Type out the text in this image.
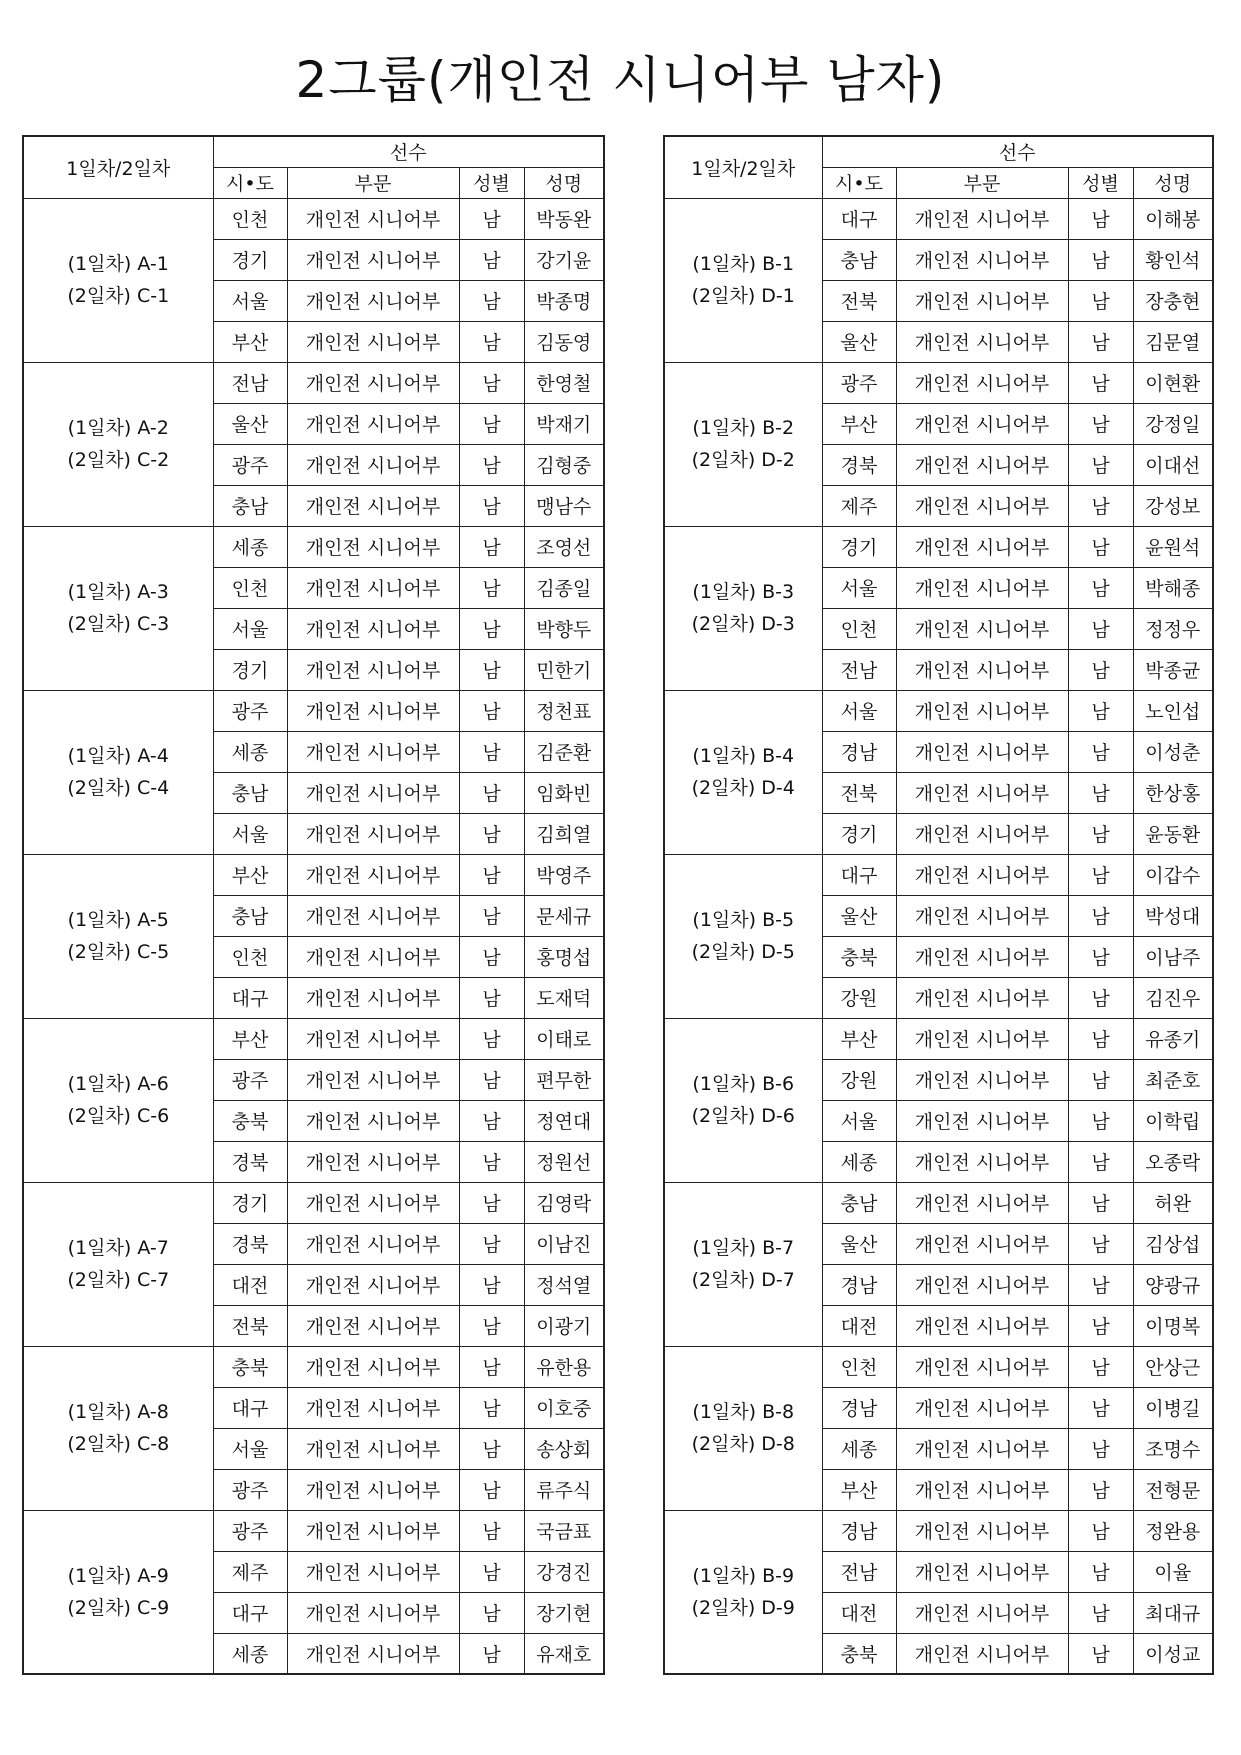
2그룹(개인전 시니어부 남자)
1일차/2일차	선수			
	시•도	부문	성별	성명

(1일차) A-1
(2일차) C-1	인천	개인전 시니어부	남	박동완
	경기	개인전 시니어부	남	강기윤
	서울	개인전 시니어부	남	박종명
	부산	개인전 시니어부	남	김동영

(1일차) A-2
(2일차) C-2	전남	개인전 시니어부	남	한영철
	울산	개인전 시니어부	남	박재기
	광주	개인전 시니어부	남	김형중
	충남	개인전 시니어부	남	맹남수

(1일차) A-3
(2일차) C-3	세종	개인전 시니어부	남	조영선
	인천	개인전 시니어부	남	김종일
	서울	개인전 시니어부	남	박향두
	경기	개인전 시니어부	남	민한기

(1일차) A-4
(2일차) C-4	광주	개인전 시니어부	남	정천표
	세종	개인전 시니어부	남	김준환
	충남	개인전 시니어부	남	임화빈
	서울	개인전 시니어부	남	김희열

(1일차) A-5
(2일차) C-5	부산	개인전 시니어부	남	박영주
	충남	개인전 시니어부	남	문세규
	인천	개인전 시니어부	남	홍명섭
	대구	개인전 시니어부	남	도재덕

(1일차) A-6
(2일차) C-6	부산	개인전 시니어부	남	이태로
	광주	개인전 시니어부	남	편무한
	충북	개인전 시니어부	남	정연대
	경북	개인전 시니어부	남	정원선

(1일차) A-7
(2일차) C-7	경기	개인전 시니어부	남	김영락
	경북	개인전 시니어부	남	이남진
	대전	개인전 시니어부	남	정석열
	전북	개인전 시니어부	남	이광기

(1일차) A-8
(2일차) C-8	충북	개인전 시니어부	남	유한용
	대구	개인전 시니어부	남	이호중
	서울	개인전 시니어부	남	송상회
	광주	개인전 시니어부	남	류주식

(1일차) A-9
(2일차) C-9	광주	개인전 시니어부	남	국금표
	제주	개인전 시니어부	남	강경진
	대구	개인전 시니어부	남	장기현
	세종	개인전 시니어부	남	유재호
1일차/2일차	선수			
	시•도	부문	성별	성명

(1일차) B-1
(2일차) D-1	대구	개인전 시니어부	남	이해봉
	충남	개인전 시니어부	남	황인석
	전북	개인전 시니어부	남	장충현
	울산	개인전 시니어부	남	김문열

(1일차) B-2
(2일차) D-2	광주	개인전 시니어부	남	이현환
	부산	개인전 시니어부	남	강정일
	경북	개인전 시니어부	남	이대선
	제주	개인전 시니어부	남	강성보

(1일차) B-3
(2일차) D-3	경기	개인전 시니어부	남	윤원석
	서울	개인전 시니어부	남	박해종
	인천	개인전 시니어부	남	정정우
	전남	개인전 시니어부	남	박종균

(1일차) B-4
(2일차) D-4	서울	개인전 시니어부	남	노인섭
	경남	개인전 시니어부	남	이성춘
	전북	개인전 시니어부	남	한상홍
	경기	개인전 시니어부	남	윤동환

(1일차) B-5
(2일차) D-5	대구	개인전 시니어부	남	이갑수
	울산	개인전 시니어부	남	박성대
	충북	개인전 시니어부	남	이남주
	강원	개인전 시니어부	남	김진우

(1일차) B-6
(2일차) D-6	부산	개인전 시니어부	남	유종기
	강원	개인전 시니어부	남	최준호
	서울	개인전 시니어부	남	이학립
	세종	개인전 시니어부	남	오종락

(1일차) B-7
(2일차) D-7	충남	개인전 시니어부	남	허완
	울산	개인전 시니어부	남	김상섭
	경남	개인전 시니어부	남	양광규
	대전	개인전 시니어부	남	이명복

(1일차) B-8
(2일차) D-8	인천	개인전 시니어부	남	안상근
	경남	개인전 시니어부	남	이병길
	세종	개인전 시니어부	남	조명수
	부산	개인전 시니어부	남	전형문

(1일차) B-9
(2일차) D-9	경남	개인전 시니어부	남	정완용
	전남	개인전 시니어부	남	이율
	대전	개인전 시니어부	남	최대규
	충북	개인전 시니어부	남	이성교
